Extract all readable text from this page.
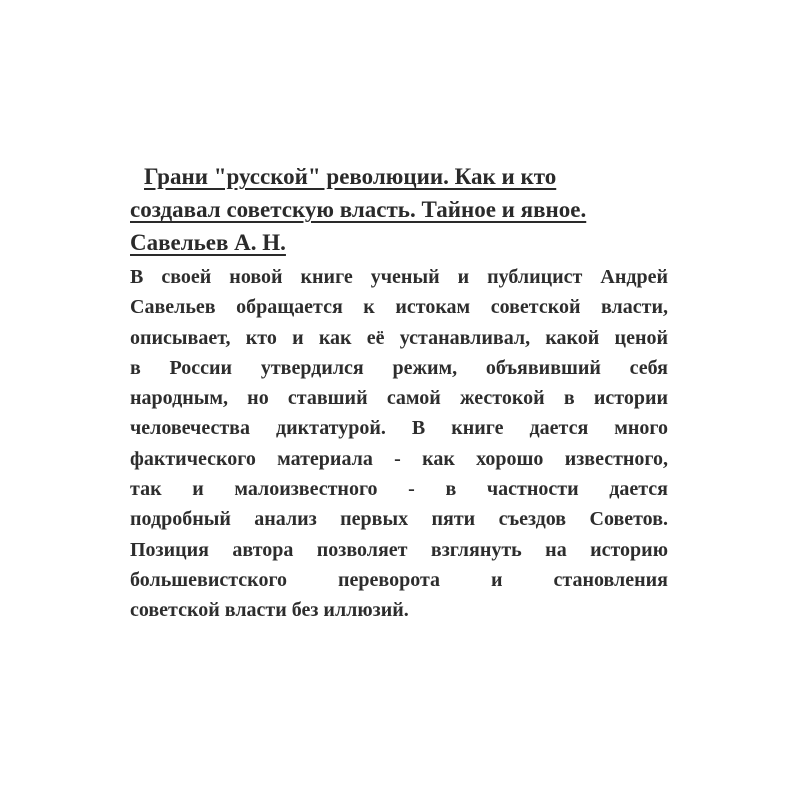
Грани "русской" революции. Как и кто
создавал советскую власть. Тайное и явное.
Савельев А. Н.

В своей новой книге ученый и публицист Андрей
Савельев обращается к истокам советской власти,
описывает, кто и как её устанавливал, какой ценой
в России утвердился режим, объявивший себя
народным, но ставший самой жестокой в истории
человечества диктатурой. В книге дается много
фактического материала - как хорошо известного,
так и малоизвестного - в частности дается
подробный анализ первых пяти съездов Советов.
Позиция автора позволяет взглянуть на историю
большевистского переворота и становления
советской власти без иллюзий.
